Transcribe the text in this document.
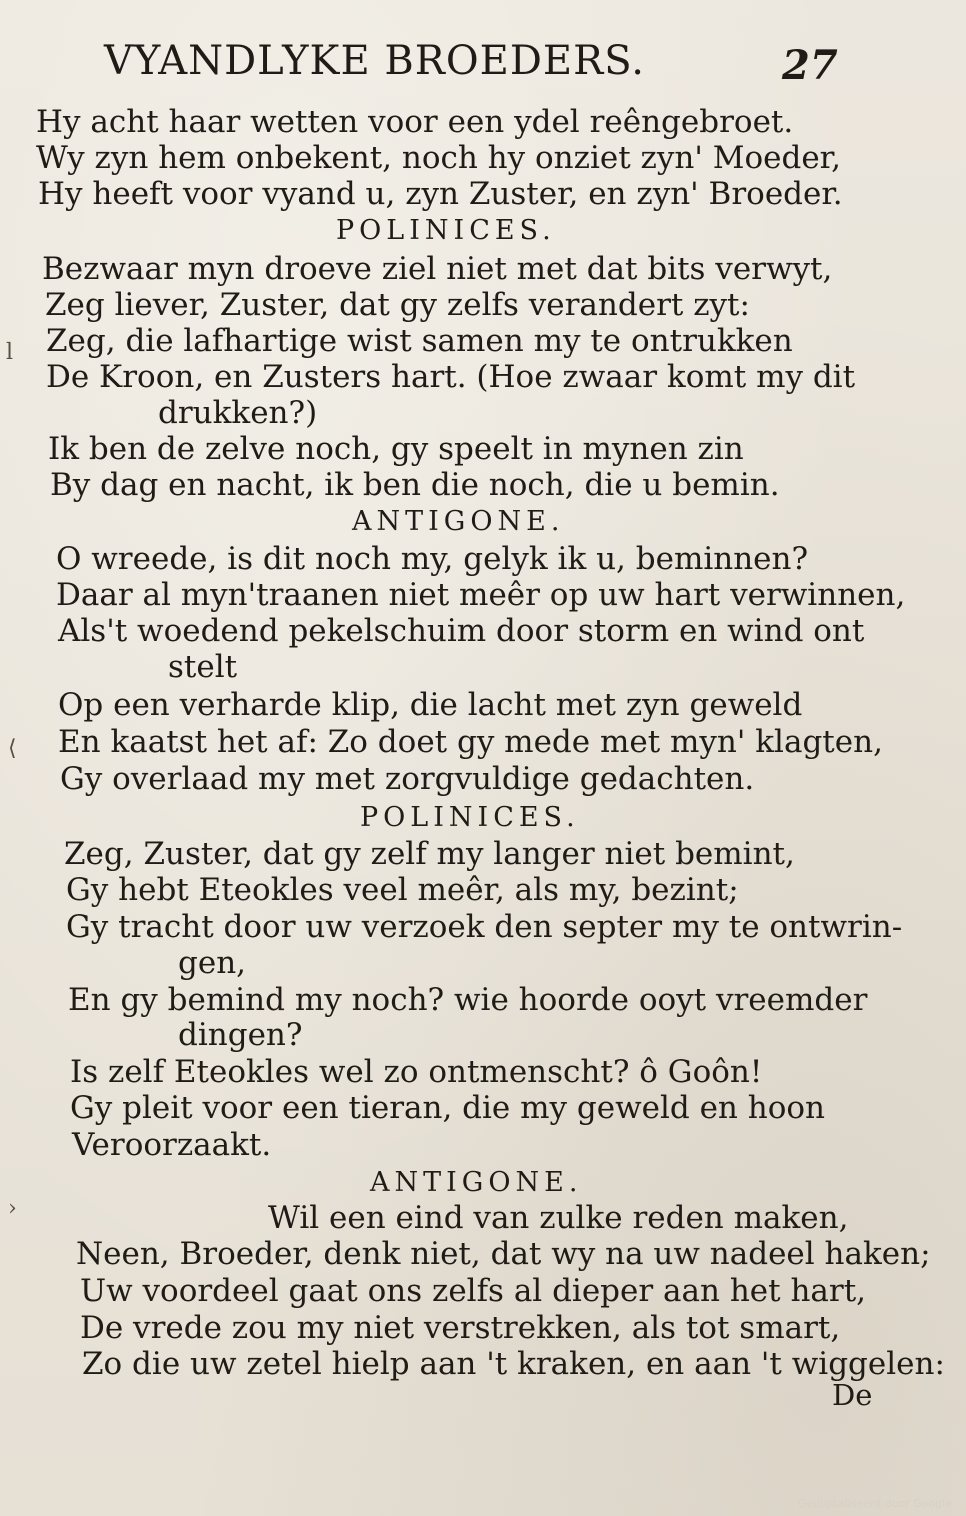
VYANDLYKE BROEDERS.	27
Hy acht haar wetten voor een ydel reêngebroet.
Wy zyn hem onbekent, noch hy onziet zyn' Moeder,
Hy heeft voor vyand u, zyn Zuster, en zyn' Broeder.
POLINICES.
Bezwaar myn droeve ziel niet met dat bits verwyt,
Zeg liever, Zuster, dat gy zelfs verandert zyt:
Zeg, die lafhartige wist samen my te ontrukken
De Kroon, en Zusters hart. (Hoe zwaar komt my dit
drukken?)
Ik ben de zelve noch, gy speelt in mynen zin
By dag en nacht, ik ben die noch, die u bemin.
ANTIGONE.
O wreede, is dit noch my, gelyk ik u, beminnen?
Daar al myn'traanen niet meêr op uw hart verwinnen,
Als't woedend pekelschuim door storm en wind ont
stelt
Op een verharde klip, die lacht met zyn geweld
En kaatst het af: Zo doet gy mede met myn' klagten,
Gy overlaad my met zorgvuldige gedachten.
POLINICES.
Zeg, Zuster, dat gy zelf my langer niet bemint,
Gy hebt Eteokles veel meêr, als my, bezint;
Gy tracht door uw verzoek den septer my te ontwrin-
gen,
En gy bemind my noch? wie hoorde ooyt vreemder
dingen?
Is zelf Eteokles wel zo ontmenscht? ô Goôn!
Gy pleit voor een tieran, die my geweld en hoon
Veroorzaakt.
ANTIGONE.
Wil een eind van zulke reden maken,
Neen, Broeder, denk niet, dat wy na uw nadeel haken;
Uw voordeel gaat ons zelfs al dieper aan het hart,
De vrede zou my niet verstrekken, als tot smart,
Zo die uw zetel hielp aan 't kraken, en aan 't wiggelen:
De
ⅼ
⟨
›
Gedigitaliseerd door Google
